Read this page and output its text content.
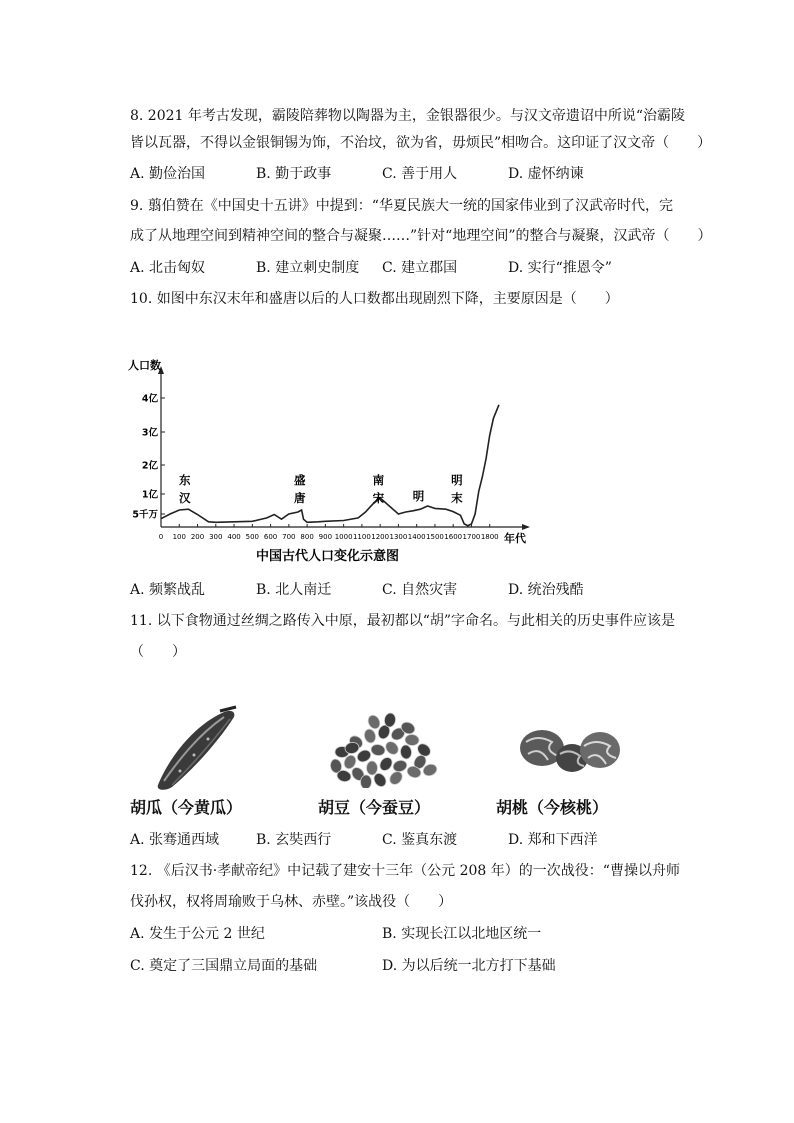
8. 2021 年考古发现，霸陵陪葬物以陶器为主，金银器很少。与汉文帝遗诏中所说“治霸陵
皆以瓦器，不得以金银铜锡为饰，不治坟，欲为省，毋烦民”相吻合。这印证了汉文帝（　　）
A. 勤俭治国	B. 勤于政事	C. 善于用人	D. 虚怀纳谏
9. 翦伯赞在《中国史十五讲》中提到：“华夏民族大一统的国家伟业到了汉武帝时代，完
成了从地理空间到精神空间的整合与凝聚……”针对“地理空间”的整合与凝聚，汉武帝（　　）
A. 北击匈奴	B. 建立刺史制度 C. 建立郡国	D. 实行“推恩令”
10. 如图中东汉末年和盛唐以后的人口数都出现剧烈下降，主要原因是（　　）
5千万
1亿
2亿
3亿
4亿
0 100 200 300 400 500 600 700 800 900 1000 1100 1200 1300 1400 1500 1600 1700 1800
东汉
盛唐
南宋 明
明末
人口数
年代
中国古代人口变化示意图
A. 频繁战乱	B. 北人南迁	C. 自然灾害	D. 统治残酷
11. 以下食物通过丝绸之路传入中原，最初都以“胡”字命名。与此相关的历史事件应该是
（　　）
胡瓜（今黄瓜）	胡豆（今蚕豆）	胡桃（今核桃）
A. 张骞通西域	B. 玄奘西行	C. 鉴真东渡	D. 郑和下西洋
12. 《后汉书·孝献帝纪》中记载了建安十三年（公元 208 年）的一次战役：“曹操以舟师
伐孙权，权将周瑜败于乌林、赤壁。”该战役（　　）
A. 发生于公元 2 世纪	B. 实现长江以北地区统一
C. 奠定了三国鼎立局面的基础	D. 为以后统一北方打下基础
